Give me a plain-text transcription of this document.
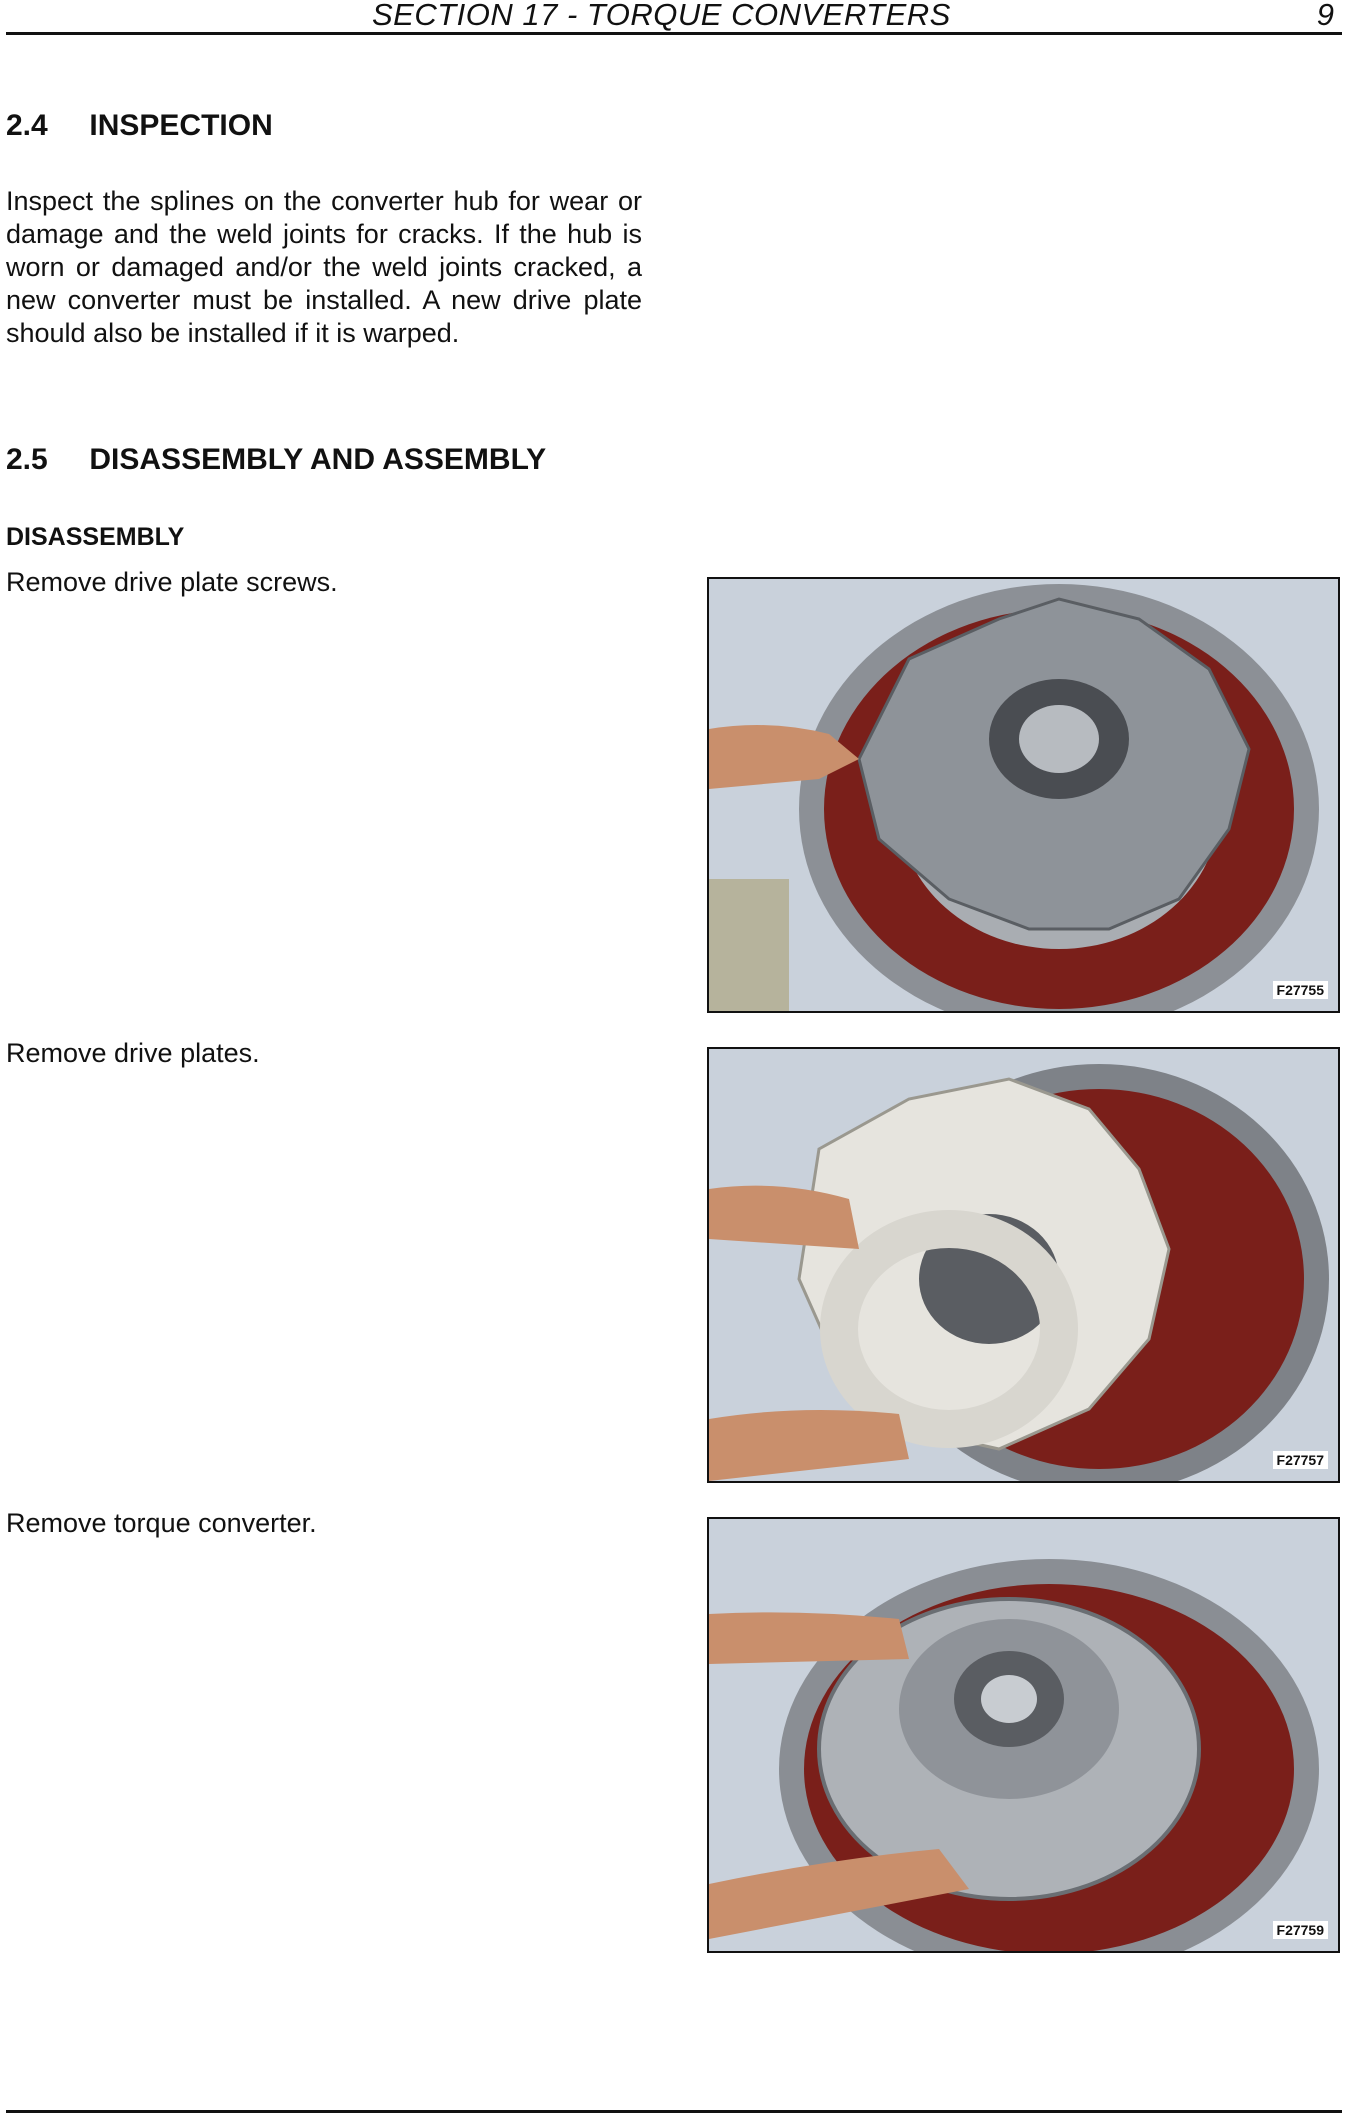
SECTION 17 - TORQUE CONVERTERS	9
2.4     INSPECTION

Inspect the splines on the converter hub for wear or damage and the weld joints for cracks. If the hub is worn or damaged and/or the weld joints cracked, a new converter must be installed. A new drive plate should also be installed if it is warped.

2.5     DISASSEMBLY AND ASSEMBLY
DISASSEMBLY
Remove drive plate screws.
F27755
Remove drive plates.
F27757
Remove torque converter.
F27759
